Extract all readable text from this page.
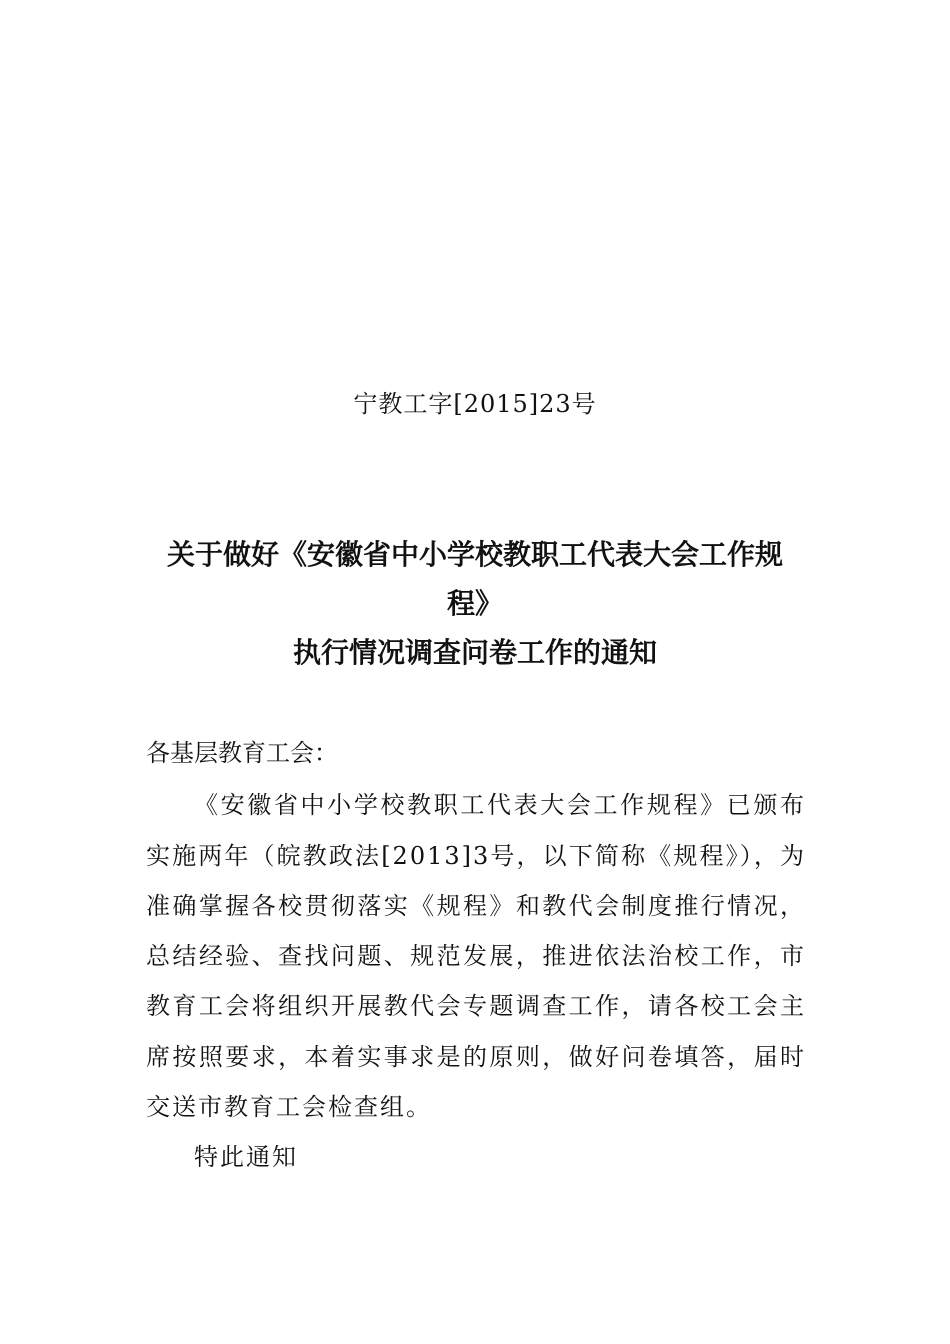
宁教工字[2015]23号
关于做好《安徽省中小学校教职工代表大会工作规
程》
执行情况调查问卷工作的通知
各基层教育工会：

《安徽省中小学校教职工代表大会工作规程》已颁布实施两年（皖教政法[2013]3号，以下简称《规程》），为准确掌握各校贯彻落实《规程》和教代会制度推行情况，总结经验、查找问题、规范发展，推进依法治校工作，市教育工会将组织开展教代会专题调查工作，请各校工会主席按照要求，本着实事求是的原则，做好问卷填答，届时交送市教育工会检查组。

特此通知
